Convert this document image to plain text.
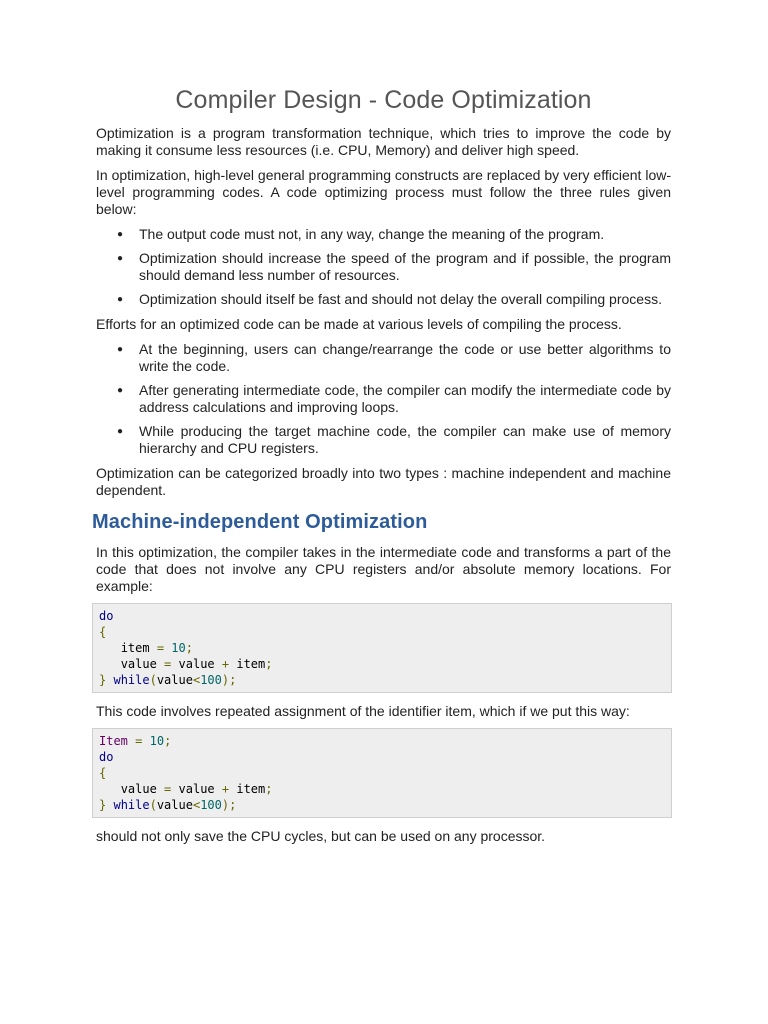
Compiler Design - Code Optimization

Optimization is a program transformation technique, which tries to improve the code by making it consume less resources (i.e. CPU, Memory) and deliver high speed.

In optimization, high-level general programming constructs are replaced by very efficient low-level programming codes. A code optimizing process must follow the three rules given below:

● The output code must not, in any way, change the meaning of the program.
● Optimization should increase the speed of the program and if possible, the program should demand less number of resources.
● Optimization should itself be fast and should not delay the overall compiling process.

Efforts for an optimized code can be made at various levels of compiling the process.

● At the beginning, users can change/rearrange the code or use better algorithms to write the code.
● After generating intermediate code, the compiler can modify the intermediate code by address calculations and improving loops.
● While producing the target machine code, the compiler can make use of memory hierarchy and CPU registers.

Optimization can be categorized broadly into two types : machine independent and machine dependent.

Machine-independent Optimization

In this optimization, the compiler takes in the intermediate code and transforms a part of the code that does not involve any CPU registers and/or absolute memory locations. For example:

do
{
item = 10;
value = value + item;
} while(value<100);

This code involves repeated assignment of the identifier item, which if we put this way:

Item = 10;
do
{
value = value + item;
} while(value<100);

should not only save the CPU cycles, but can be used on any processor.
